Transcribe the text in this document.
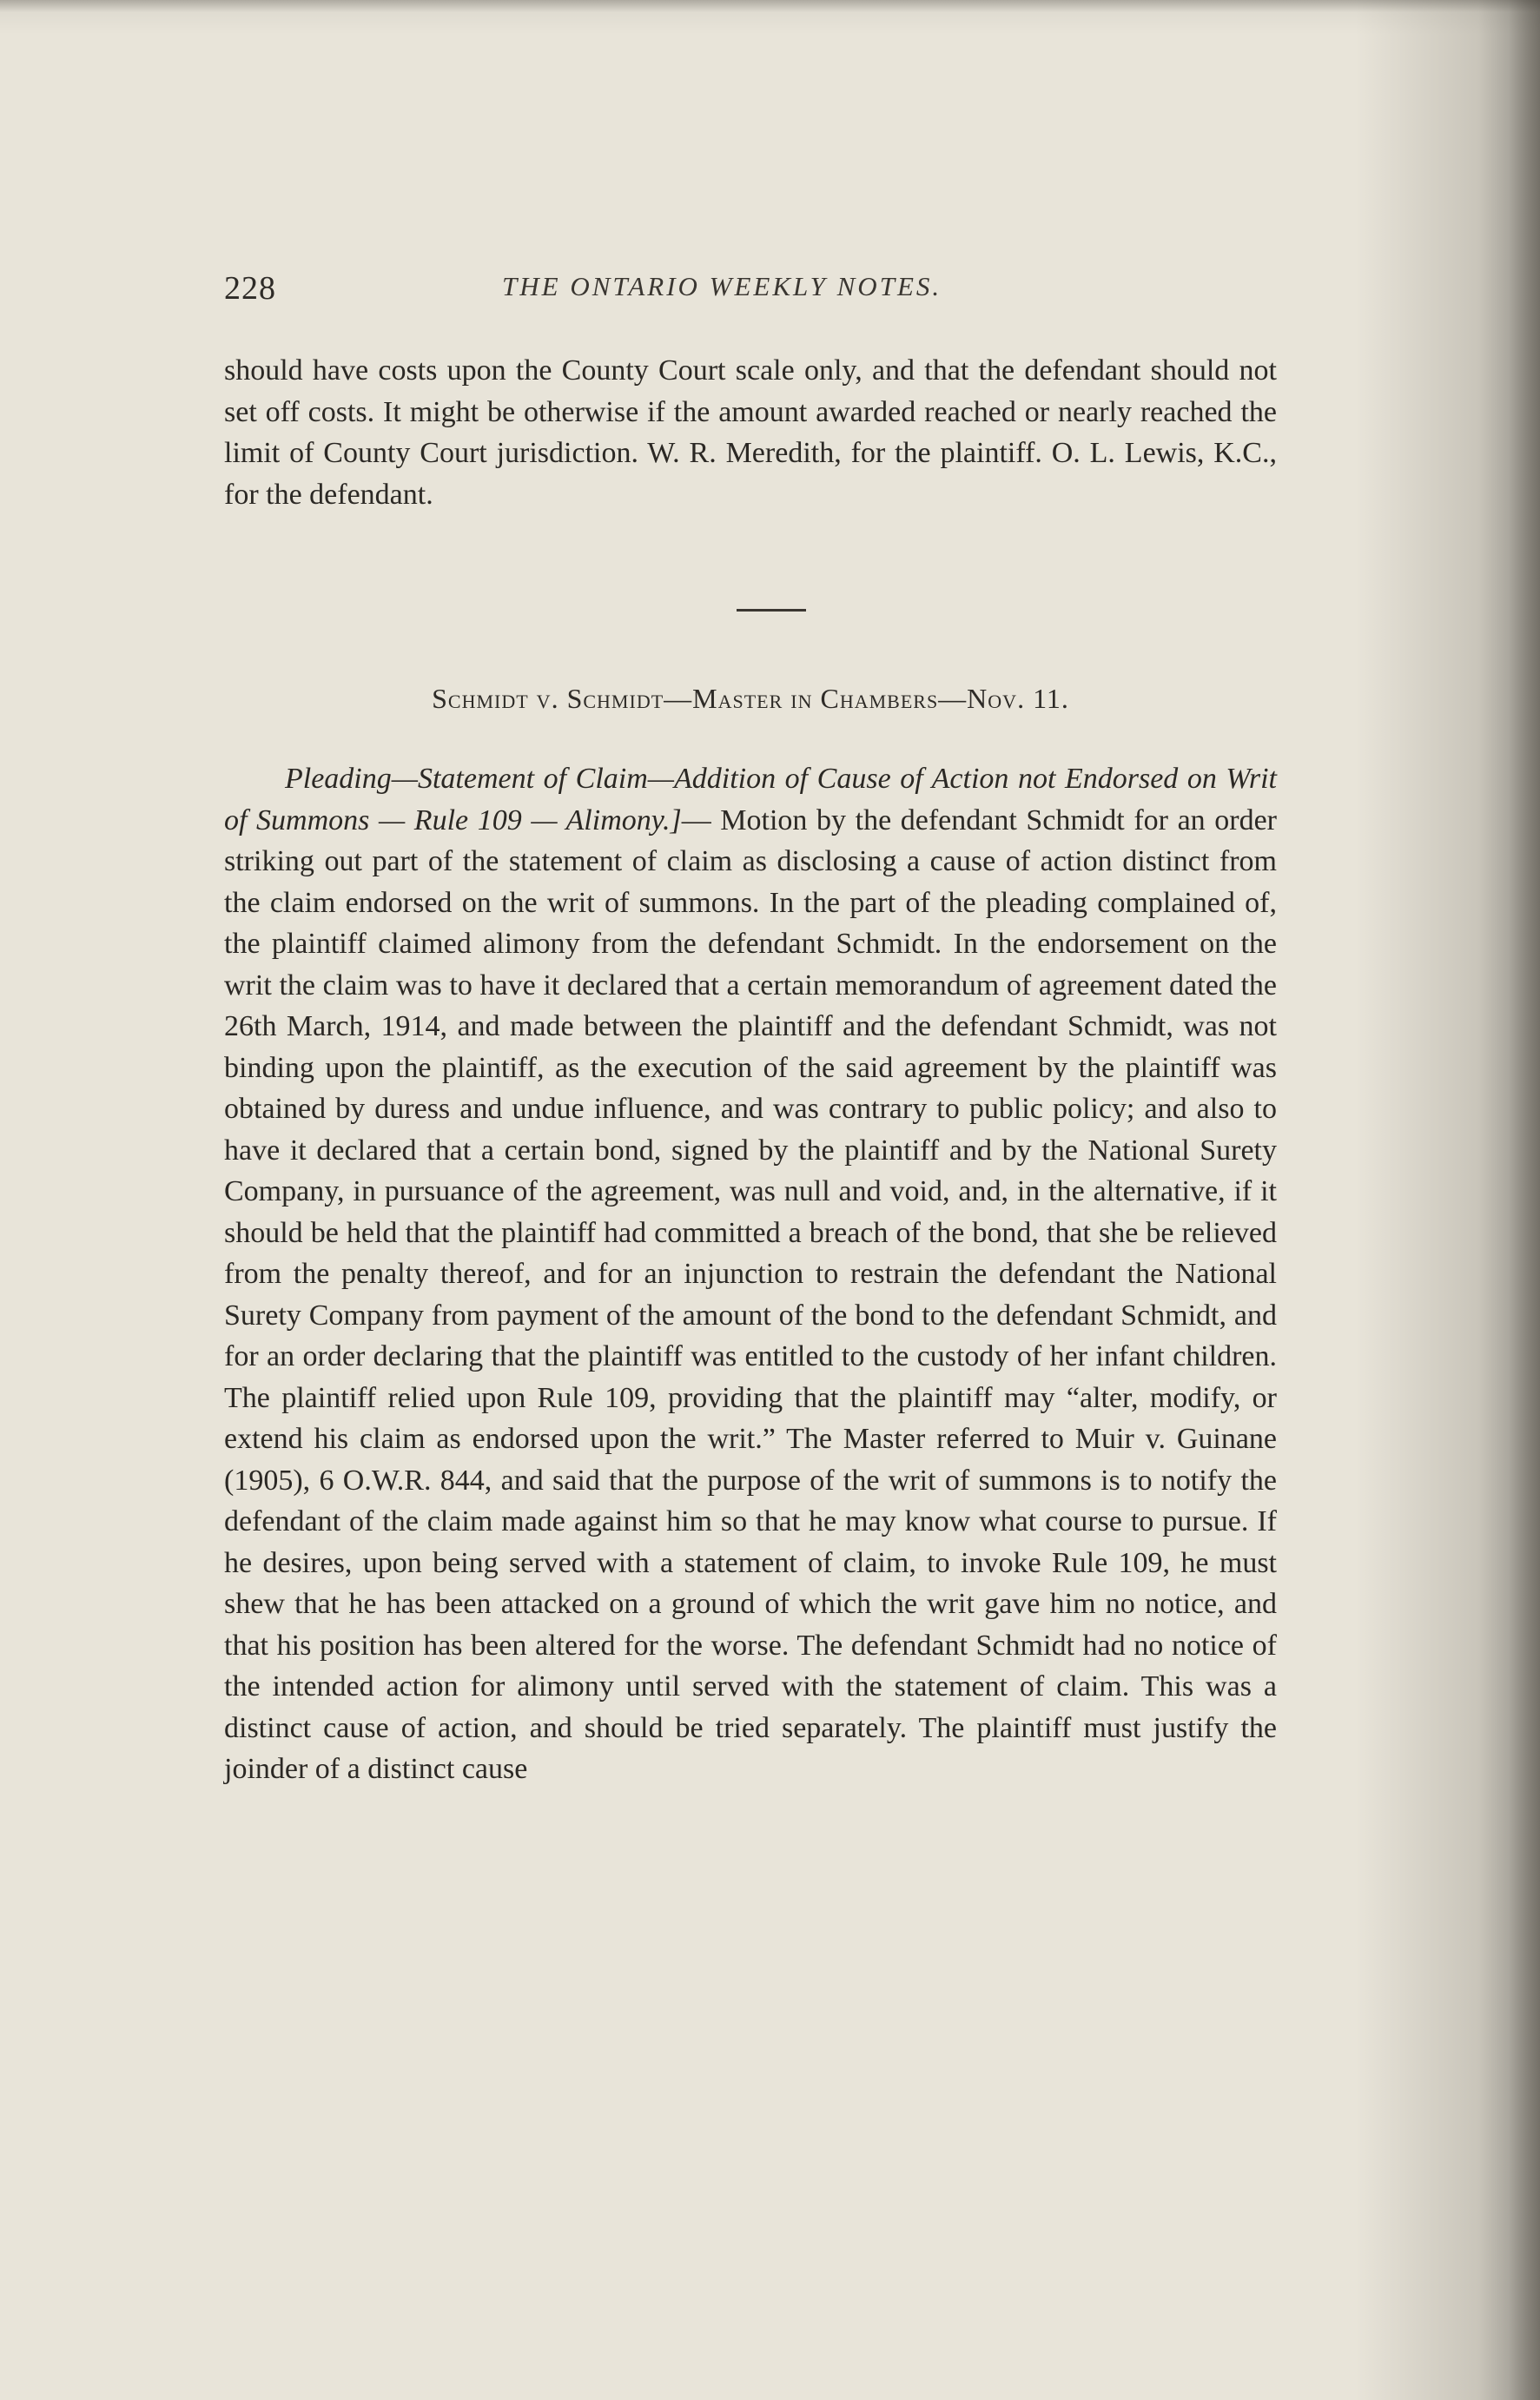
228	THE ONTARIO WEEKLY NOTES.
should have costs upon the County Court scale only, and that the defendant should not set off costs. It might be otherwise if the amount awarded reached or nearly reached the limit of County Court jurisdiction. W. R. Meredith, for the plaintiff. O. L. Lewis, K.C., for the defendant.
Schmidt v. Schmidt—Master in Chambers—Nov. 11.
Pleading—Statement of Claim—Addition of Cause of Action not Endorsed on Writ of Summons — Rule 109 — Alimony.]— Motion by the defendant Schmidt for an order striking out part of the statement of claim as disclosing a cause of action distinct from the claim endorsed on the writ of summons. In the part of the pleading complained of, the plaintiff claimed alimony from the defendant Schmidt. In the endorsement on the writ the claim was to have it declared that a certain memorandum of agreement dated the 26th March, 1914, and made between the plaintiff and the defendant Schmidt, was not binding upon the plaintiff, as the execution of the said agreement by the plaintiff was obtained by duress and undue influence, and was contrary to public policy; and also to have it declared that a certain bond, signed by the plaintiff and by the National Surety Company, in pursuance of the agreement, was null and void, and, in the alternative, if it should be held that the plaintiff had committed a breach of the bond, that she be relieved from the penalty thereof, and for an injunction to restrain the defendant the National Surety Company from payment of the amount of the bond to the defendant Schmidt, and for an order declaring that the plaintiff was entitled to the custody of her infant children. The plaintiff relied upon Rule 109, providing that the plaintiff may “alter, modify, or extend his claim as endorsed upon the writ.” The Master referred to Muir v. Guinane (1905), 6 O.W.R. 844, and said that the purpose of the writ of summons is to notify the defendant of the claim made against him so that he may know what course to pursue. If he desires, upon being served with a statement of claim, to invoke Rule 109, he must shew that he has been attacked on a ground of which the writ gave him no notice, and that his position has been altered for the worse. The defendant Schmidt had no notice of the intended action for alimony until served with the statement of claim. This was a distinct cause of action, and should be tried separately. The plaintiff must justify the joinder of a distinct cause
